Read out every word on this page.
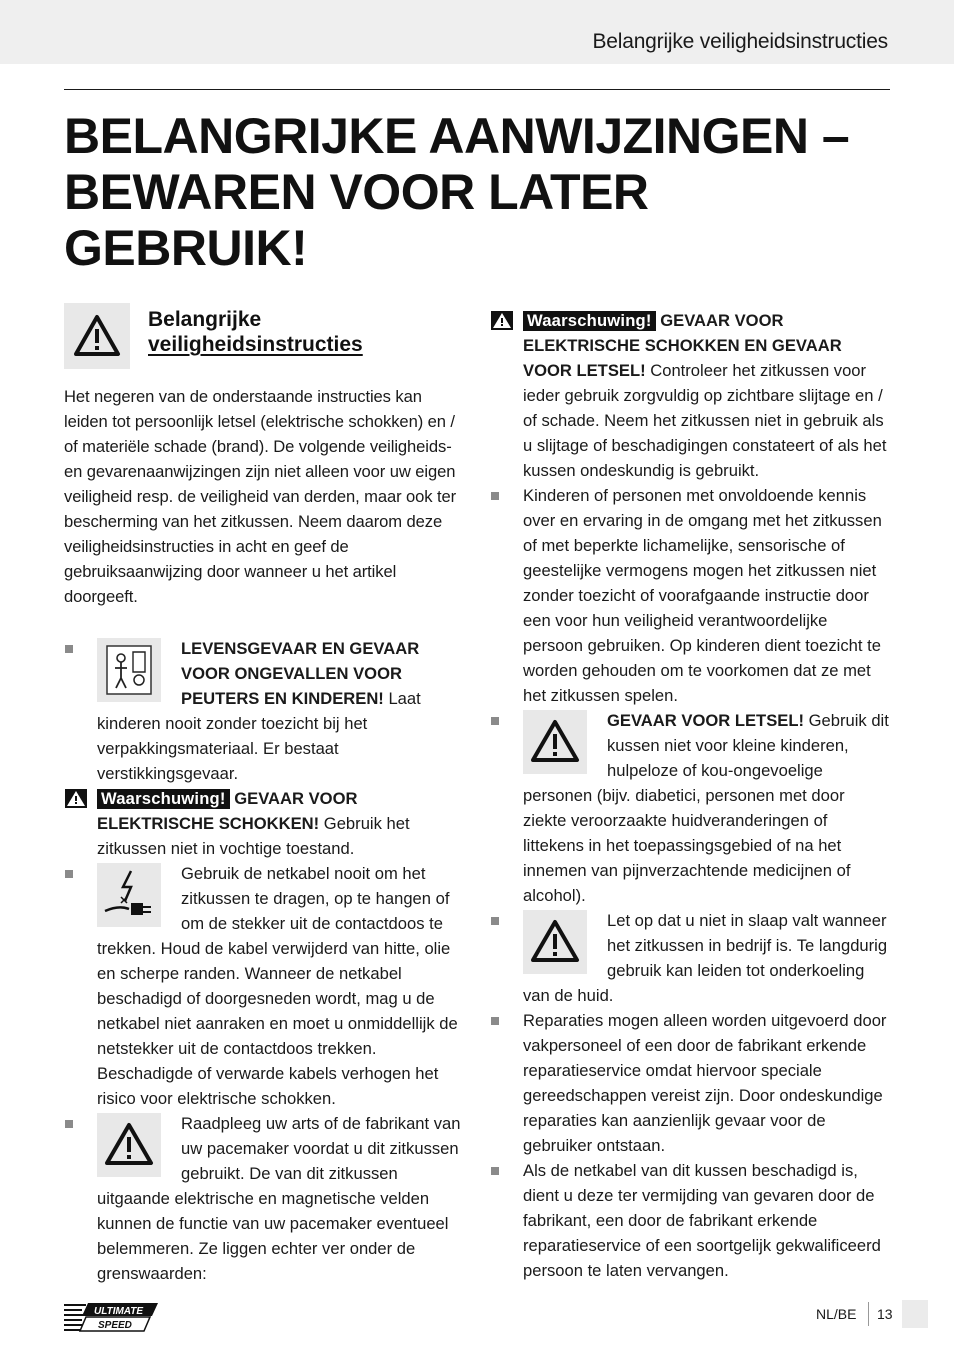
Belangrijke veiligheidsinstructies
BELANGRIJKE AANWIJZINGEN –
BEWAREN VOOR LATER
GEBRUIK!
Belangrijke
veiligheidsinstructies

Het negeren van de onderstaande instructies kan leiden tot persoonlijk letsel (elektrische schokken) en / of materiële schade (brand). De volgende veiligheids- en gevarenaanwijzingen zijn niet alleen voor uw eigen veiligheid resp. de veiligheid van derden, maar ook ter bescherming van het zitkussen. Neem daarom deze veiligheidsinstructies in acht en geef de gebruiksaanwijzing door wanneer u het artikel doorgeeft.

LEVENSGEVAAR EN GEVAAR VOOR ONGEVALLEN VOOR PEUTERS EN KINDEREN! Laat kinderen nooit zonder toezicht bij het verpakkingsmateriaal. Er bestaat verstikkingsgevaar.
Waarschuwing! GEVAAR VOOR ELEKTRISCHE SCHOKKEN! Gebruik het zitkussen niet in vochtige toestand.
Gebruik de netkabel nooit om het zitkussen te dragen, op te hangen of om de stekker uit de contactdoos te trekken. Houd de kabel verwijderd van hitte, olie en scherpe randen. Wanneer de netkabel beschadigd of doorgesneden wordt, mag u de netkabel niet aanraken en moet u onmiddellijk de netstekker uit de contactdoos trekken. Beschadigde of verwarde kabels verhogen het risico voor elektrische schokken.
Raadpleeg uw arts of de fabrikant van uw pacemaker voordat u dit zitkussen gebruikt. De van dit zitkussen uitgaande elektrische en magnetische velden kunnen de functie van uw pacemaker eventueel belemmeren. Ze liggen echter ver onder de grenswaarden:
Waarschuwing! GEVAAR VOOR ELEKTRISCHE SCHOKKEN EN GEVAAR VOOR LETSEL! Controleer het zitkussen voor ieder gebruik zorgvuldig op zichtbare slijtage en / of schade. Neem het zitkussen niet in gebruik als u slijtage of beschadigingen constateert of als het kussen ondeskundig is gebruikt.
Kinderen of personen met onvoldoende kennis over en ervaring in de omgang met het zitkussen of met beperkte lichamelijke, sensorische of geestelijke vermogens mogen het zitkussen niet zonder toezicht of voorafgaande instructie door een voor hun veiligheid verantwoordelijke persoon gebruiken. Op kinderen dient toezicht te worden gehouden om te voorkomen dat ze met het zitkussen spelen.
GEVAAR VOOR LETSEL! Gebruik dit kussen niet voor kleine kinderen, hulpeloze of kou-ongevoelige personen (bijv. diabetici, personen met door ziekte veroorzaakte huidveranderingen of littekens in het toepassingsgebied of na het innemen van pijnverzachtende medicijnen of alcohol).
Let op dat u niet in slaap valt wanneer het zitkussen in bedrijf is. Te langdurig gebruik kan leiden tot onderkoeling van de huid.
Reparaties mogen alleen worden uitgevoerd door vakpersoneel of een door de fabrikant erkende reparatieservice omdat hiervoor speciale gereedschappen vereist zijn. Door ondeskundige reparaties kan aanzienlijk gevaar voor de gebruiker ontstaan.
Als de netkabel van dit kussen beschadigd is, dient u deze ter vermijding van gevaren door de fabrikant, een door de fabrikant erkende reparatieservice of een soortgelijk gekwalificeerd persoon te laten vervangen.
ULTIMATE
SPEED
NL/BE 13
